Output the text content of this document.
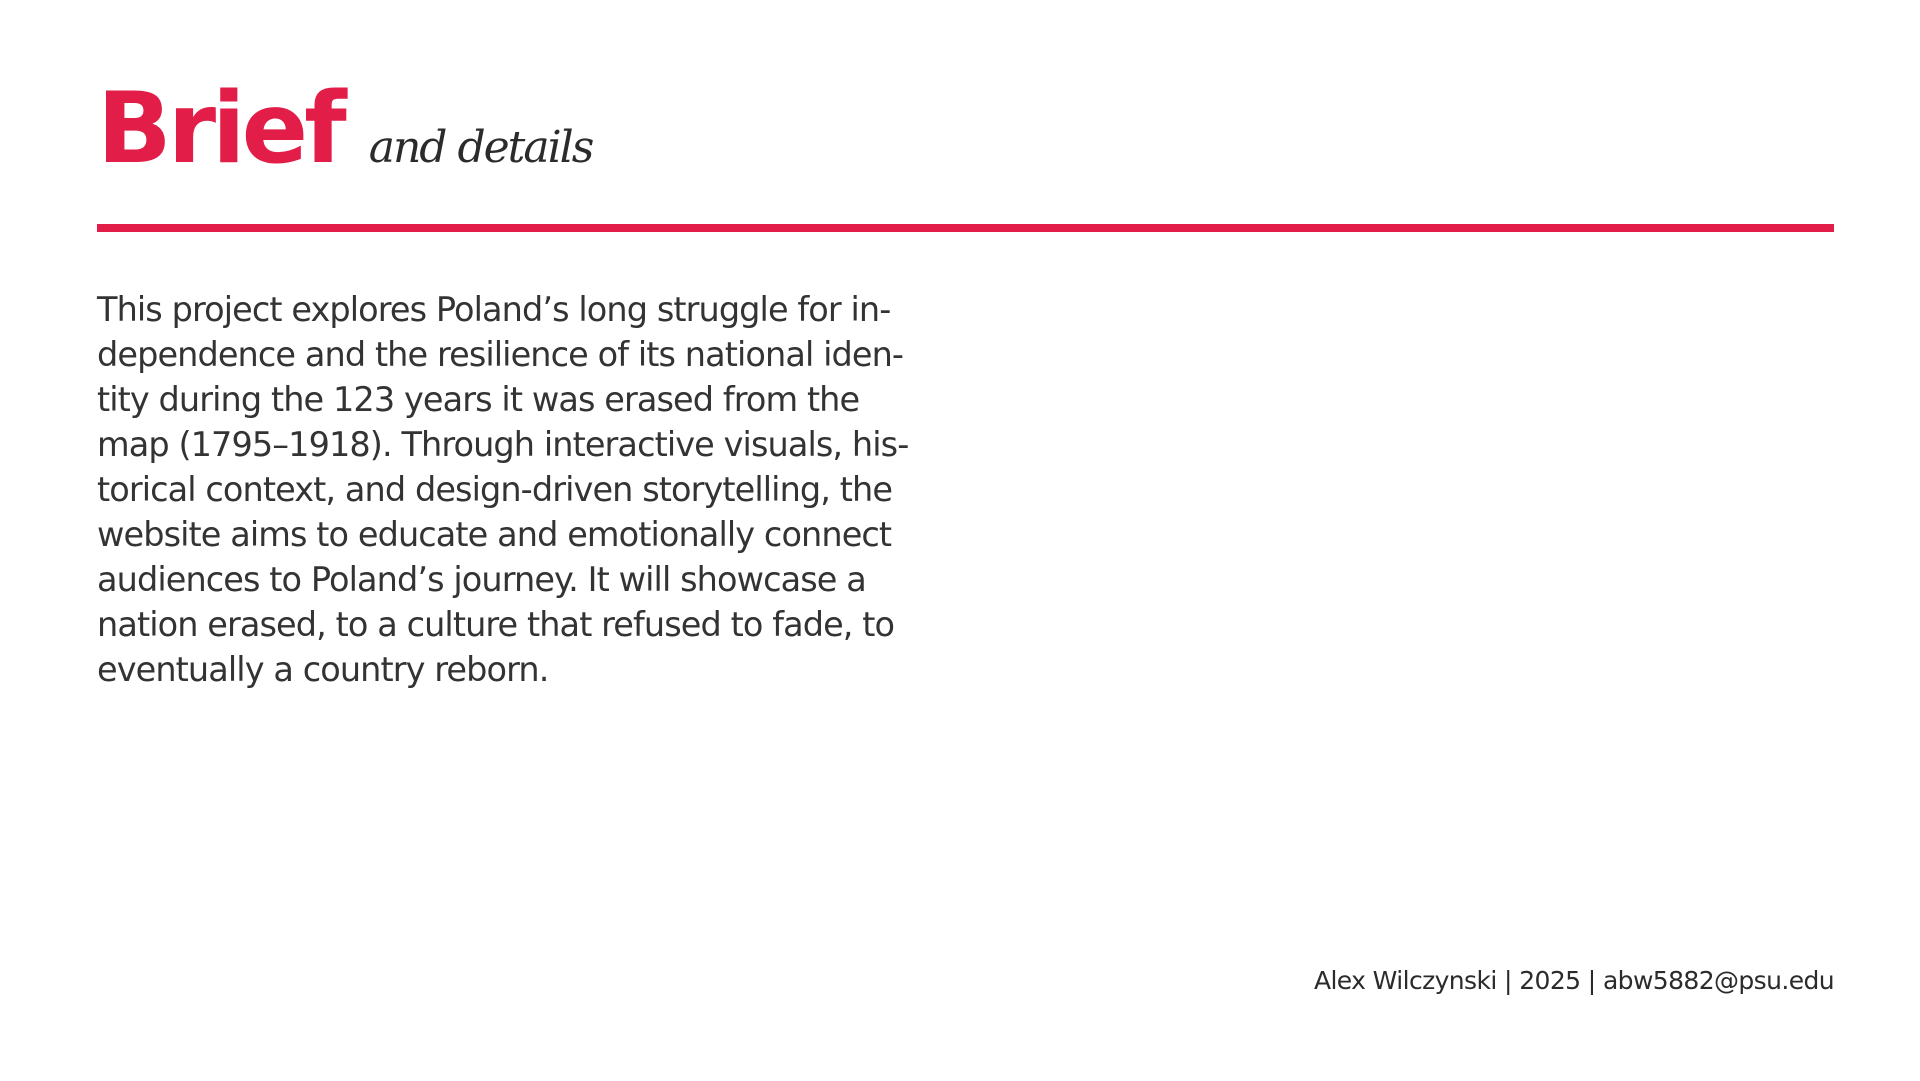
Brief and details

This project explores Poland’s long struggle for in-
dependence and the resilience of its national iden-
tity during the 123 years it was erased from the
map (1795–1918). Through interactive visuals, his-
torical context, and design-driven storytelling, the
website aims to educate and emotionally connect
audiences to Poland’s journey. It will showcase a
nation erased, to a culture that refused to fade, to
eventually a country reborn.

Alex Wilczynski | 2025 | abw5882@psu.edu
